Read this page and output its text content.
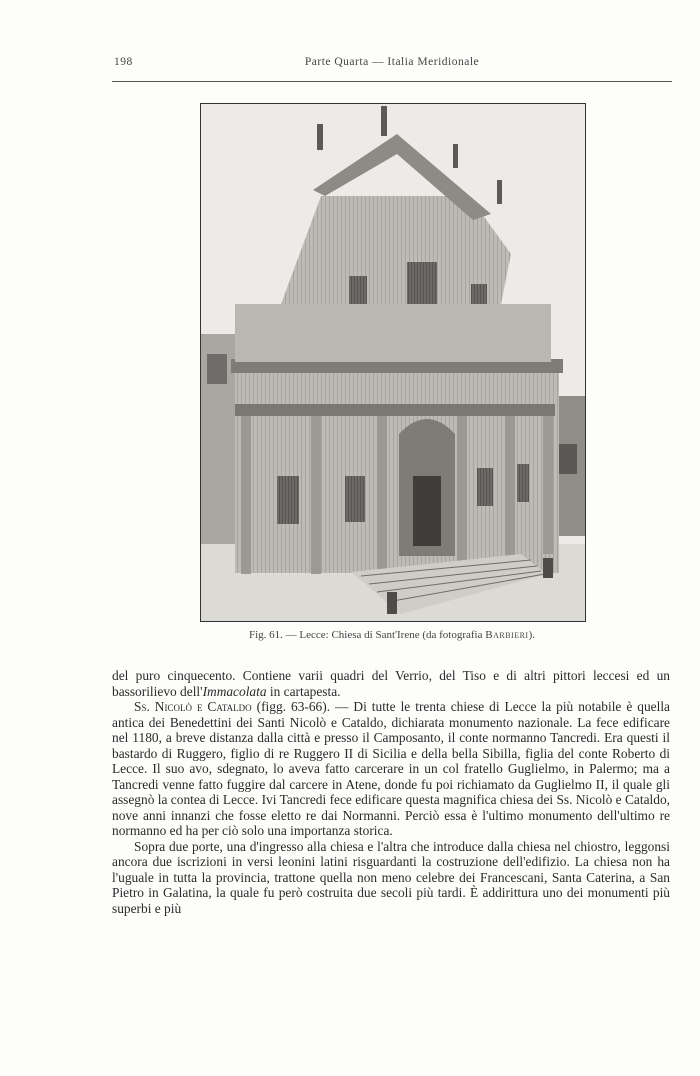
198	Parte Quarta — Italia Meridionale
Fig. 61. — Lecce: Chiesa di Sant'Irene (da fotografia Barbieri).

del puro cinquecento. Contiene varii quadri del Verrio, del Tiso e di altri pittori leccesi ed un bassorilievo dell'Immacolata in cartapesta.

Ss. Nicolò e Cataldo (figg. 63-66). — Di tutte le trenta chiese di Lecce la più notabile è quella antica dei Benedettini dei Santi Nicolò e Cataldo, dichiarata monumento nazionale. La fece edificare nel 1180, a breve distanza dalla città e presso il Camposanto, il conte normanno Tancredi. Era questi il bastardo di Ruggero, figlio di re Ruggero II di Sicilia e della bella Sibilla, figlia del conte Roberto di Lecce. Il suo avo, sdegnato, lo aveva fatto carcerare in un col fratello Guglielmo, in Palermo; ma a Tancredi venne fatto fuggire dal carcere in Atene, donde fu poi richiamato da Guglielmo II, il quale gli assegnò la contea di Lecce. Ivi Tancredi fece edificare questa magnifica chiesa dei Ss. Nicolò e Cataldo, nove anni innanzi che fosse eletto re dai Normanni. Perciò essa è l'ultimo monumento dell'ultimo re normanno ed ha per ciò solo una importanza storica.

Sopra due porte, una d'ingresso alla chiesa e l'altra che introduce dalla chiesa nel chiostro, leggonsi ancora due iscrizioni in versi leonini latini risguardanti la costruzione dell'edifizio. La chiesa non ha l'uguale in tutta la provincia, trattone quella non meno celebre dei Francescani, Santa Caterina, a San Pietro in Galatina, la quale fu però costruita due secoli più tardi. È addirittura uno dei monumenti più superbi e più
